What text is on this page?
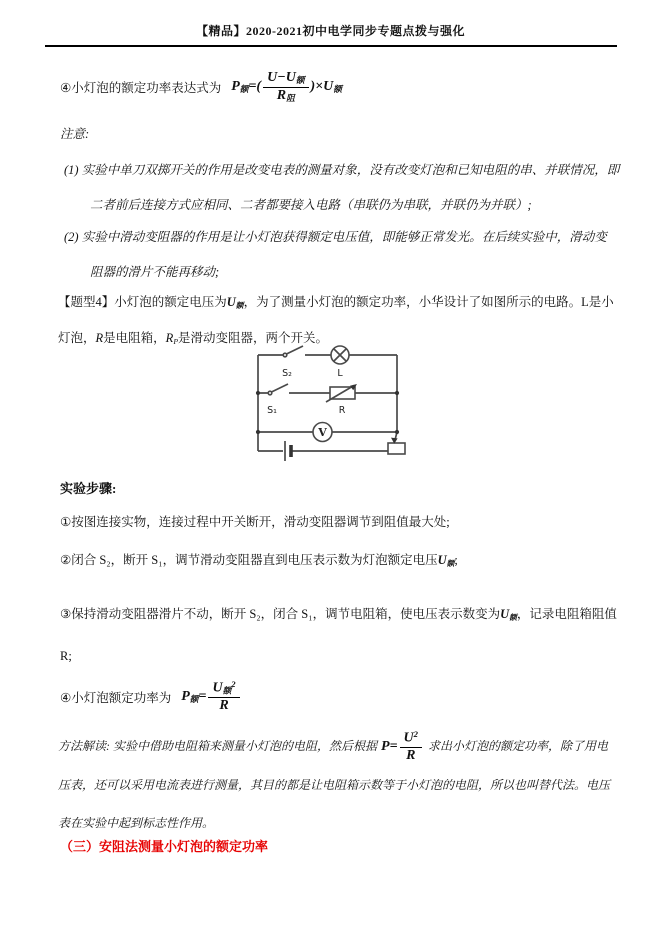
【精品】2020-2021初中电学同步专题点拨与强化
④小灯泡的额定功率表达式为 $P_额=( \frac{U-U_额}{R_阻} )\times U_额$
注意:
(1) 实验中单刀双掷开关的作用是改变电表的测量对象，没有改变灯泡和已知电阻的串、并联情况，即
二者前后连接方式应相同、二者都要接入电路（串联仍为串联，并联仍为并联）;
(2) 实验中滑动变阻器的作用是让小灯泡获得额定电压值，即能够正常发光。在后续实验中，滑动变
阻器的滑片不能再移动;
【题型4】小灯泡的额定电压为$U_额$，为了测量小灯泡的额定功率，小华设计了如图所示的电路。L是小
灯泡，R是电阻箱，$R_P$是滑动变阻器，两个开关。
V
S₂	L
S₁	R
实验步骤:
①按图连接实物，连接过程中开关断开，滑动变阻器调节到阻值最大处;
②闭合 S₂，断开 S₁，调节滑动变阻器直到电压表示数为灯泡额定电压$U_额$;
③保持滑动变阻器滑片不动，断开 S₂，闭合 S₁，调节电阻箱，使电压表示数变为$U_额$，记录电阻箱阻值
R;
④小灯泡额定功率为 $P_额= \frac{U_额^2}{R}$
方法解读: 实验中借助电阻箱来测量小灯泡的电阻，然后根据 $P= \frac{U^2}{R}$ 求出小灯泡的额定功率，除了用电
压表，还可以采用电流表进行测量，其目的都是让电阻箱示数等于小灯泡的电阻，所以也叫替代法。电压
表在实验中起到标志性作用。
（三）安阻法测量小灯泡的额定功率
